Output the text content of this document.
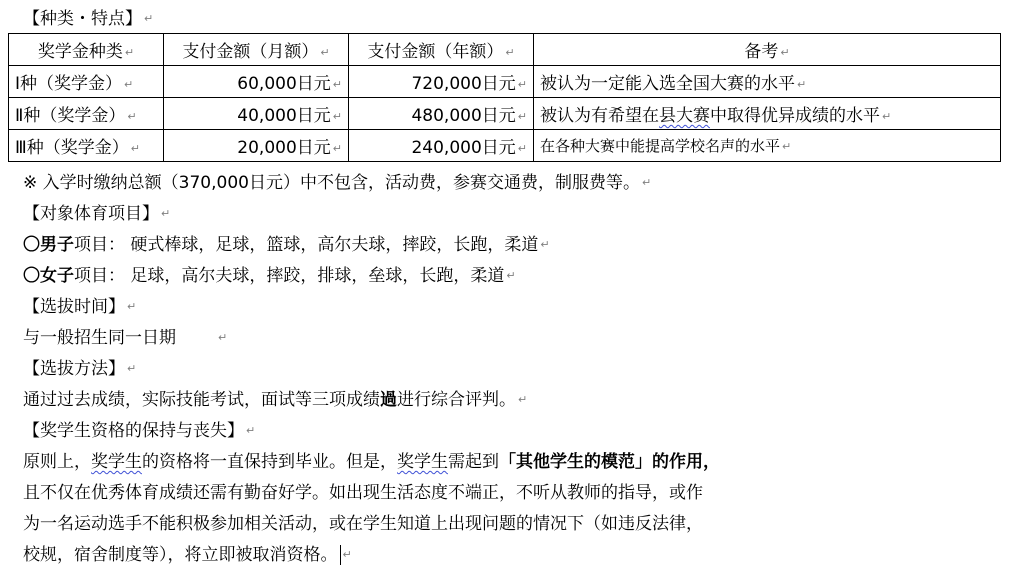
【种类・特点】 ↵
奖学金种类 ↵	支付金额（月额） ↵	支付金额（年额） ↵	备考 ↵
Ⅰ种（奖学金） ↵	60,000日元 ↵	720,000日元 ↵	被认为一定能入选全国大赛的水平 ↵
Ⅱ种（奖学金） ↵	40,000日元 ↵	480,000日元 ↵	被认为有希望在县大赛中取得优异成绩的水平 ↵
Ⅲ种（奖学金） ↵	20,000日元 ↵	240,000日元 ↵	在各种大赛中能提高学校名声的水平 ↵
※ 入学时缴纳总额（370,000日元）中不包含，活动费，参赛交通费，制服费等。 ↵
【对象体育项目】 ↵
〇男子项目： 硬式棒球，足球，篮球，高尔夫球，摔跤，长跑，柔道 ↵
〇女子项目： 足球，高尔夫球，摔跤，排球，垒球，长跑，柔道 ↵
【选拔时间】 ↵
与一般招生同一日期	↵
【选拔方法】 ↵
通过过去成绩，实际技能考试，面试等三项成绩過进行综合评判。 ↵
【奖学生资格的保持与丧失】 ↵
原则上，奖学生的资格将一直保持到毕业。但是，奖学生需起到「其他学生的模范」的作用，
且不仅在优秀体育成绩还需有勤奋好学。如出现生活态度不端正，不听从教师的指导，或作
为一名运动选手不能积极参加相关活动，或在学生知道上出现问题的情况下（如违反法律，
校规，宿舍制度等），将立即被取消资格。 ↵
